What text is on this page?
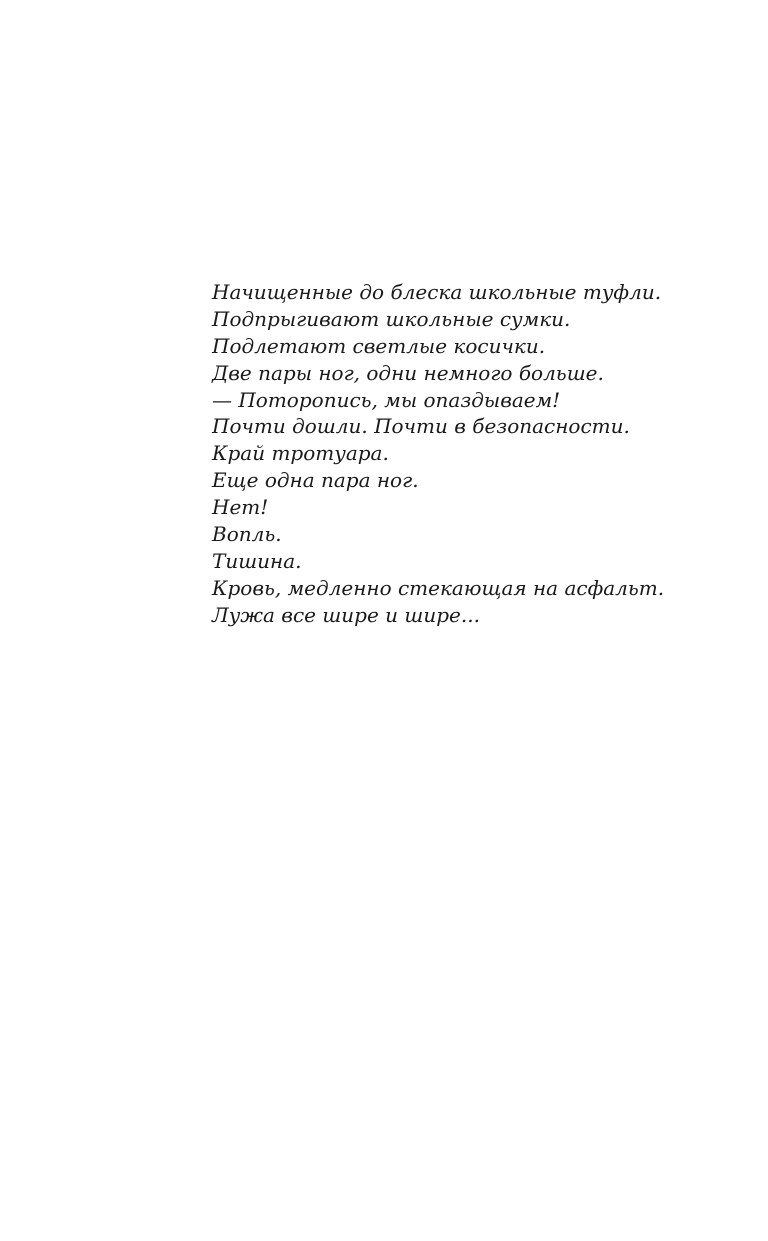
Начищенные до блеска школьные туфли.
Подпрыгивают школьные сумки.
Подлетают светлые косички.
Две пары ног, одни немного больше.
— Поторопись, мы опаздываем!
Почти дошли. Почти в безопасности.
Край тротуара.
Еще одна пара ног.
Нет!
Вопль.
Тишина.
Кровь, медленно стекающая на асфальт.
Лужа все шире и шире...
